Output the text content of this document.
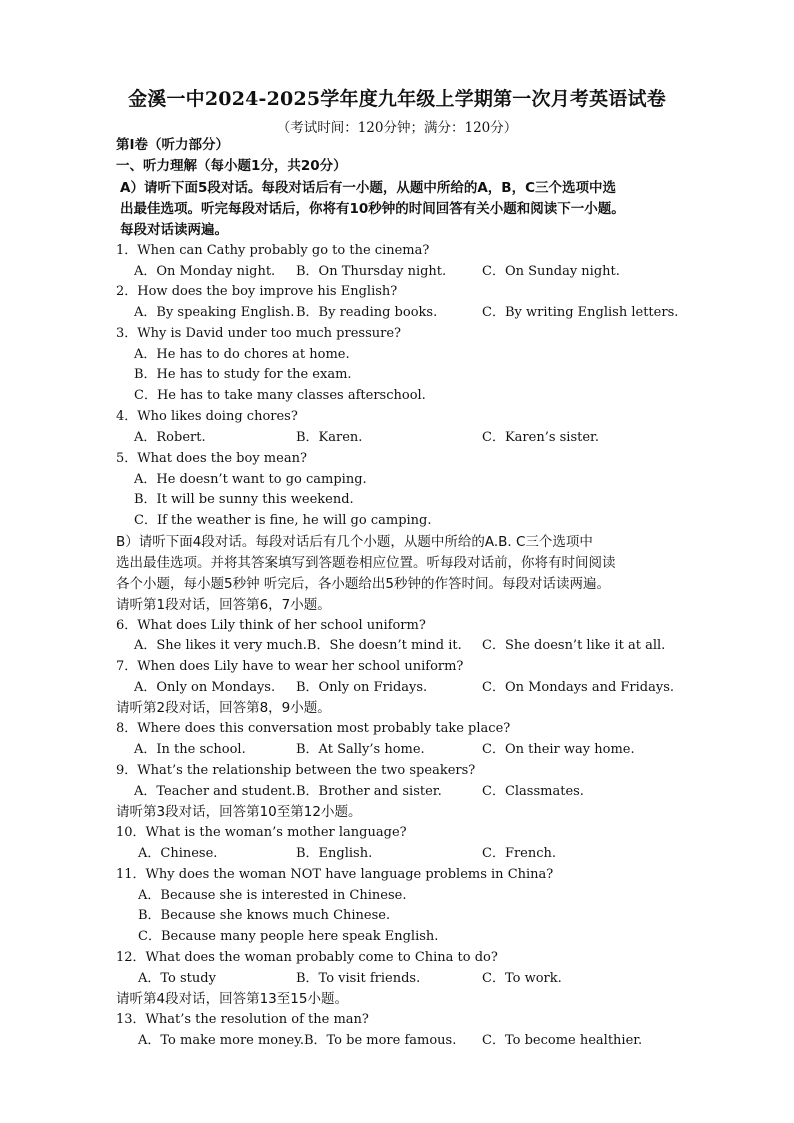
金溪一中2024-2025学年度九年级上学期第一次月考英语试卷
（考试时间：120分钟；满分：120分）
第Ⅰ卷（听力部分）
一、听力理解（每小题1分，共20分）
A）请听下面5段对话。每段对话后有一小题，从题中所给的A，B，C三个选项中选
出最佳选项。听完每段对话后，你将有10秒钟的时间回答有关小题和阅读下一小题。
每段对话读两遍。
1．When can Cathy probably go to the cinema?
A．On Monday night. B．On Thursday night.	C．On Sunday night.
2．How does the boy improve his English?
A．By speaking English. B．By reading books.	C．By writing English letters.
3．Why is David under too much pressure?
A．He has to do chores at home.
B．He has to study for the exam.
C．He has to take many classes afterschool.
4．Who likes doing chores?
A．Robert.	B．Karen.	C．Karen’s sister.
5．What does the boy mean?
A．He doesn’t want to go camping.
B．It will be sunny this weekend.
C．If the weather is fine, he will go camping.
B）请听下面4段对话。每段对话后有几个小题，从题中所给的A.B. C三个选项中
选出最佳选项。并将其答案填写到答题卷相应位置。听每段对话前，你将有时间阅读
各个小题，每小题5秒钟 听完后，各小题给出5秒钟的作答时间。每段对话读两遍。
请听第1段对话，回答第6，7小题。
6．What does Lily think of her school uniform?
A．She likes it very much.B．She doesn’t mind it. C．She doesn’t like it at all.
7．When does Lily have to wear her school uniform?
A．Only on Mondays. B．Only on Fridays.	C．On Mondays and Fridays.
请听第2段对话，回答第8，9小题。
8．Where does this conversation most probably take place?
A．In the school.	B．At Sally’s home.	C．On their way home.
9．What’s the relationship between the two speakers?
A．Teacher and student. B．Brother and sister.	C．Classmates.
请听第3段对话，回答第10至第12小题。
10．What is the woman’s mother language?
A．Chinese.	B．English.	C．French.
11．Why does the woman NOT have language problems in China?
A．Because she is interested in Chinese.
B．Because she knows much Chinese.
C．Because many people here speak English.
12．What does the woman probably come to China to do?
A．To study	B．To visit friends.	C．To work.
请听第4段对话，回答第13至15小题。
13．What’s the resolution of the man?
A．To make more money.B．To be more famous. C．To become healthier.
